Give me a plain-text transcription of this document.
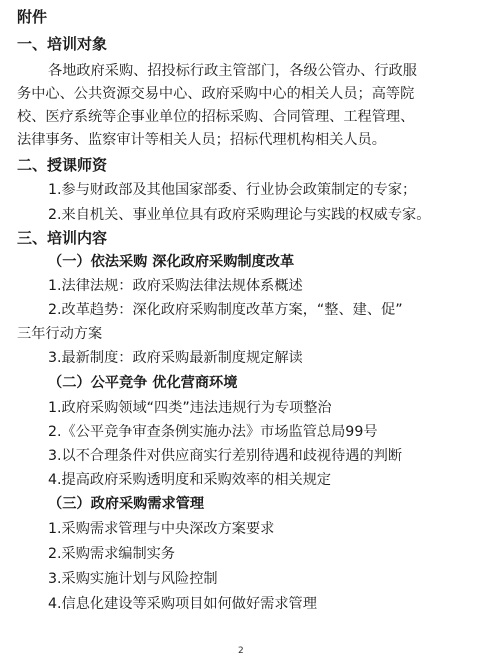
附件
一、培训对象
各地政府采购、招投标行政主管部门，各级公管办、行政服
务中心、公共资源交易中心、政府采购中心的相关人员；高等院
校、医疗系统等企事业单位的招标采购、合同管理、工程管理、
法律事务、监察审计等相关人员；招标代理机构相关人员。
二、授课师资
1.参与财政部及其他国家部委、行业协会政策制定的专家；
2.来自机关、事业单位具有政府采购理论与实践的权威专家。
三、培训内容
（一）依法采购 深化政府采购制度改革
1.法律法规：政府采购法律法规体系概述
2.改革趋势：深化政府采购制度改革方案，“整、建、促”
三年行动方案
3.最新制度：政府采购最新制度规定解读
（二）公平竞争 优化营商环境
1.政府采购领域“四类”违法违规行为专项整治
2.《公平竞争审查条例实施办法》市场监管总局99号
3.以不合理条件对供应商实行差别待遇和歧视待遇的判断
4.提高政府采购透明度和采购效率的相关规定
（三）政府采购需求管理
1.采购需求管理与中央深改方案要求
2.采购需求编制实务
3.采购实施计划与风险控制
4.信息化建设等采购项目如何做好需求管理
2
